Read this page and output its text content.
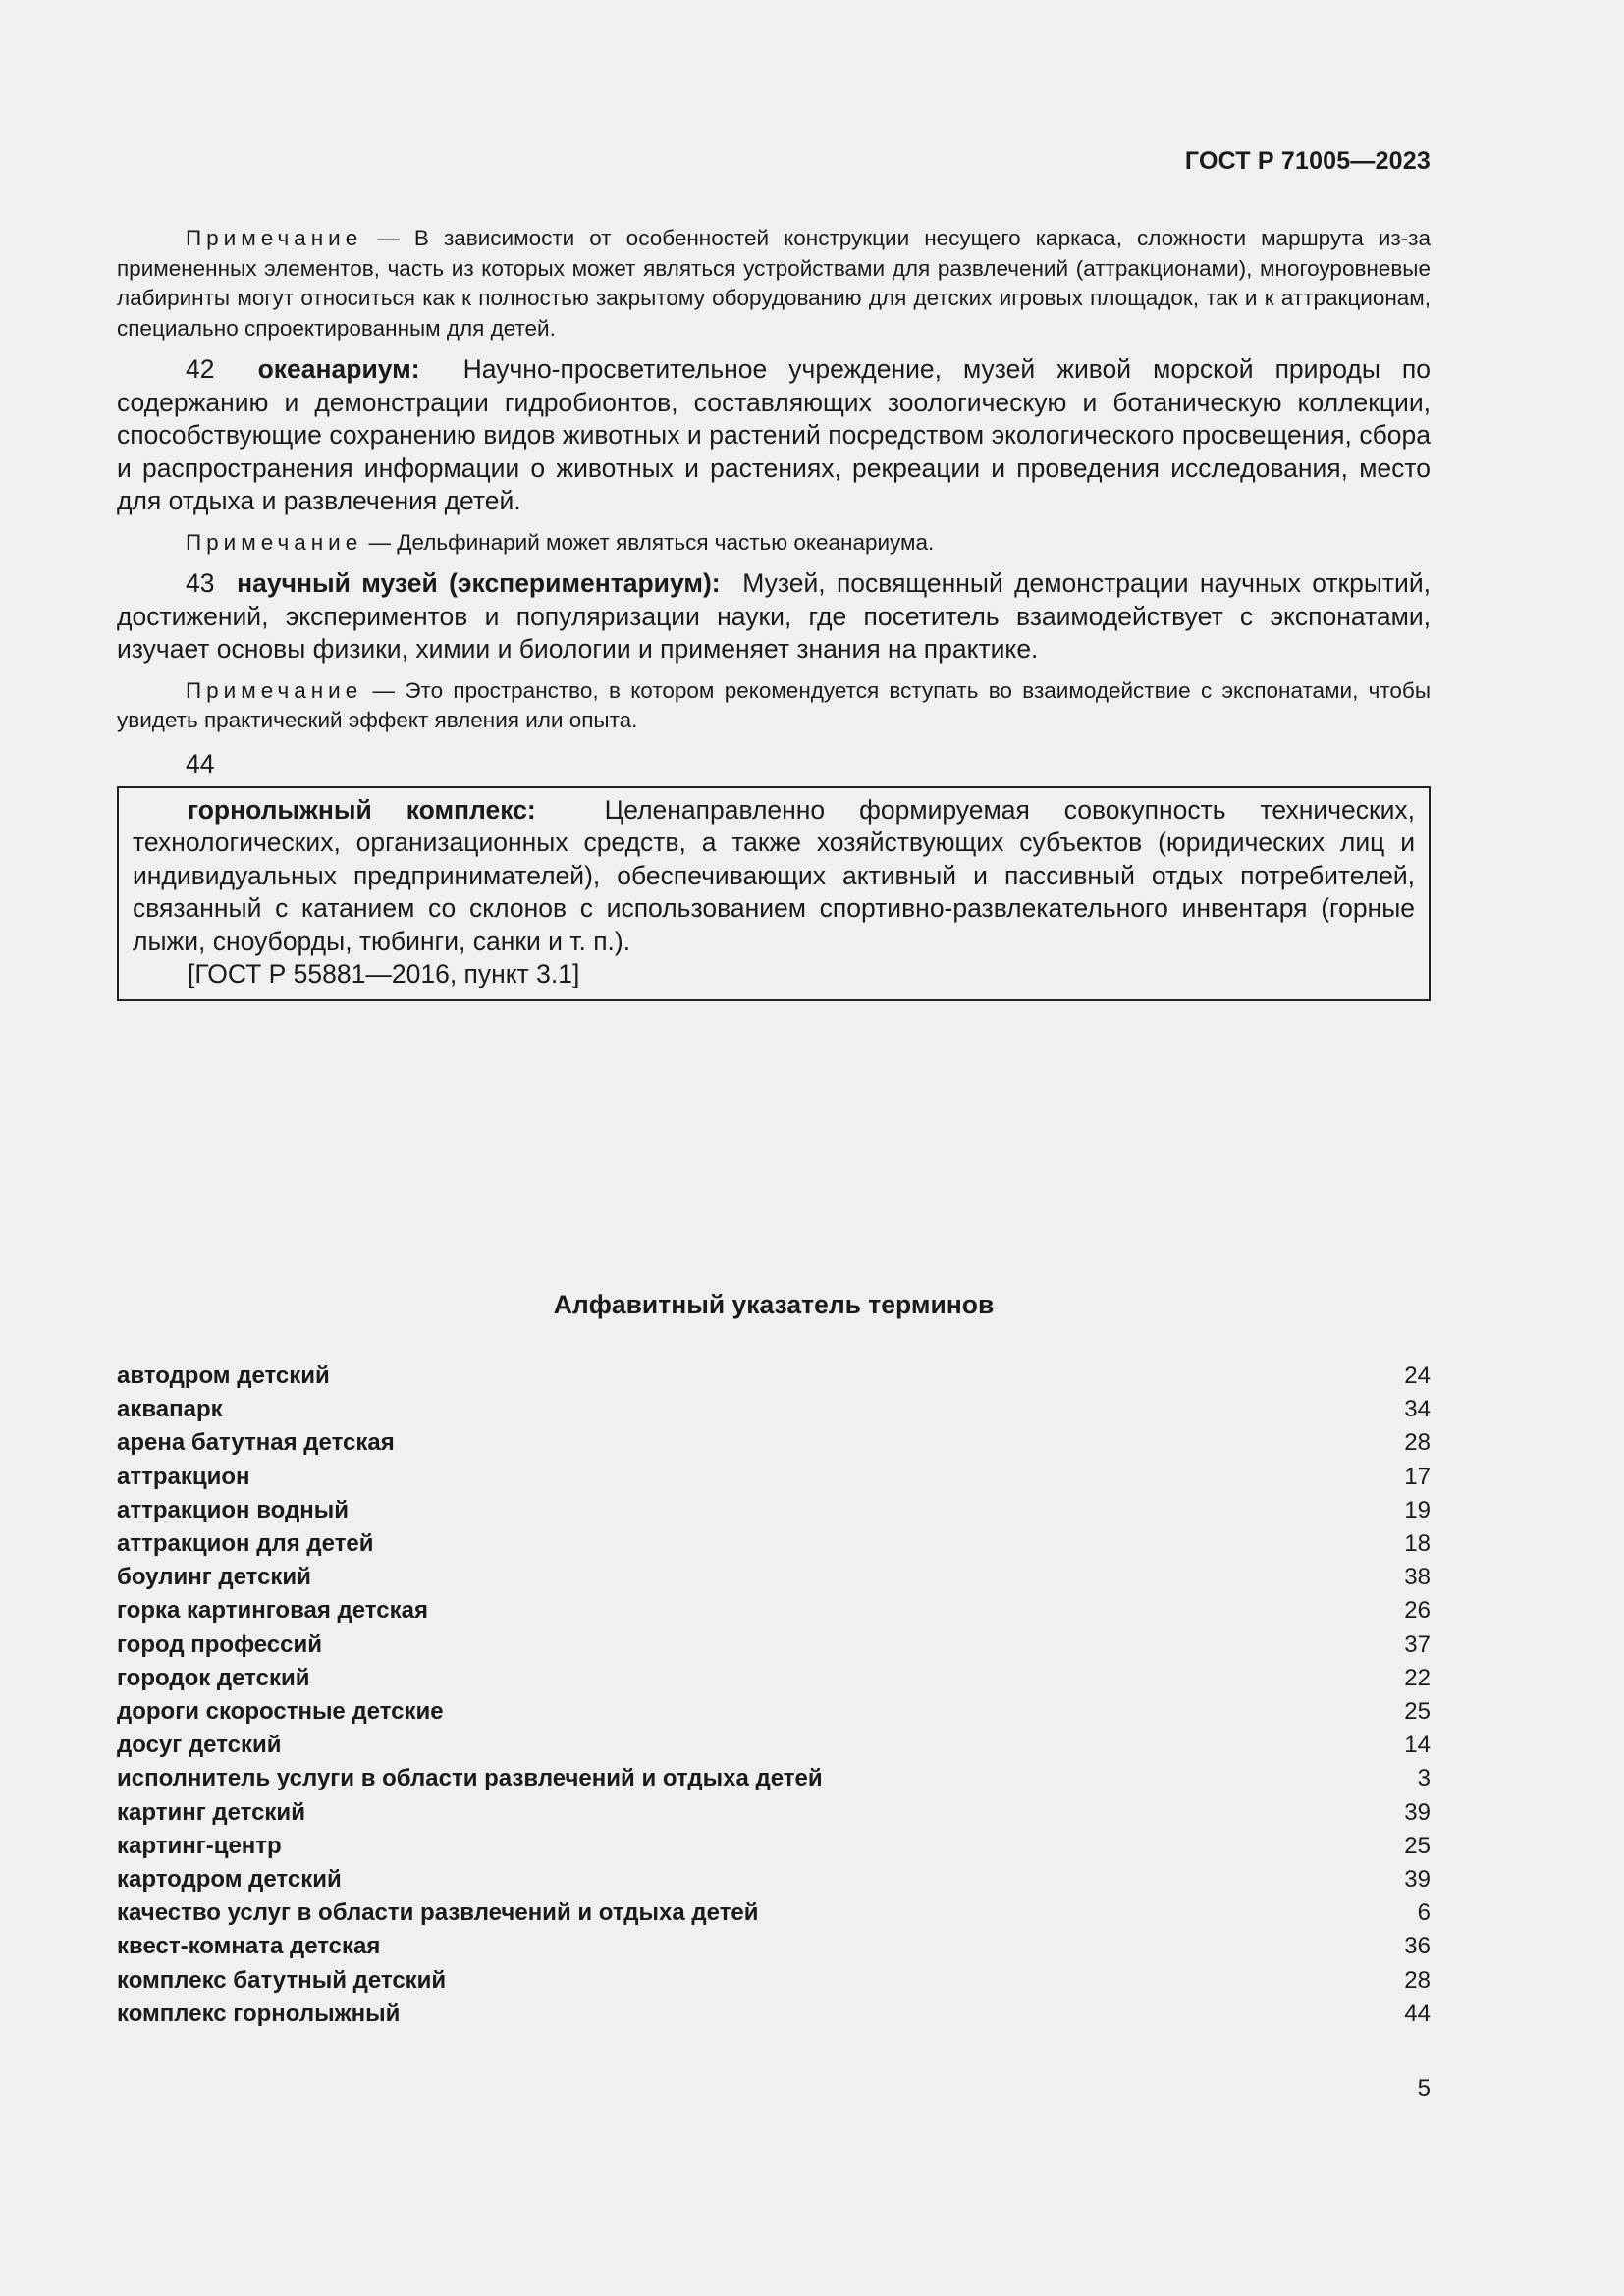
ГОСТ Р 71005—2023

Примечание — В зависимости от особенностей конструкции несущего каркаса, сложности маршрута из-за примененных элементов, часть из которых может являться устройствами для развлечений (аттракционами), многоуровневые лабиринты могут относиться как к полностью закрытому оборудованию для детских игровых площадок, так и к аттракционам, специально спроектированным для детей.

42 океанариум: Научно-просветительное учреждение, музей живой морской природы по содержанию и демонстрации гидробионтов, составляющих зоологическую и ботаническую коллекции, способствующие сохранению видов животных и растений посредством экологического просвещения, сбора и распространения информации о животных и растениях, рекреации и проведения исследования, место для отдыха и развлечения детей.

Примечание — Дельфинарий может являться частью океанариума.

43 научный музей (экспериментариум): Музей, посвященный демонстрации научных открытий, достижений, экспериментов и популяризации науки, где посетитель взаимодействует с экспонатами, изучает основы физики, химии и биологии и применяет знания на практике.

Примечание — Это пространство, в котором рекомендуется вступать во взаимодействие с экспонатами, чтобы увидеть практический эффект явления или опыта.

44

горнолыжный комплекс:	Целенаправленно формируемая совокупность технических, технологических, организационных средств, а также хозяйствующих субъектов (юридических лиц и индивидуальных предпринимателей), обеспечивающих активный и пассивный отдых потребителей, связанный с катанием со склонов с использованием спортивно-развлекательного инвентаря (горные лыжи, сноуборды, тюбинги, санки и т. п.).

[ГОСТ Р 55881—2016, пункт 3.1]

Алфавитный указатель терминов
автодром детский	24
аквапарк	34
арена батутная детская	28
аттракцион	17
аттракцион водный	19
аттракцион для детей	18
боулинг детский	38
горка картинговая детская	26
город профессий	37
городок детский	22
дороги скоростные детские	25
досуг детский	14
исполнитель услуги в области развлечений и отдыха детей	3
картинг детский	39
картинг-центр	25
картодром детский	39
качество услуг в области развлечений и отдыха детей	6
квест-комната детская	36
комплекс батутный детский	28
комплекс горнолыжный	44
5
